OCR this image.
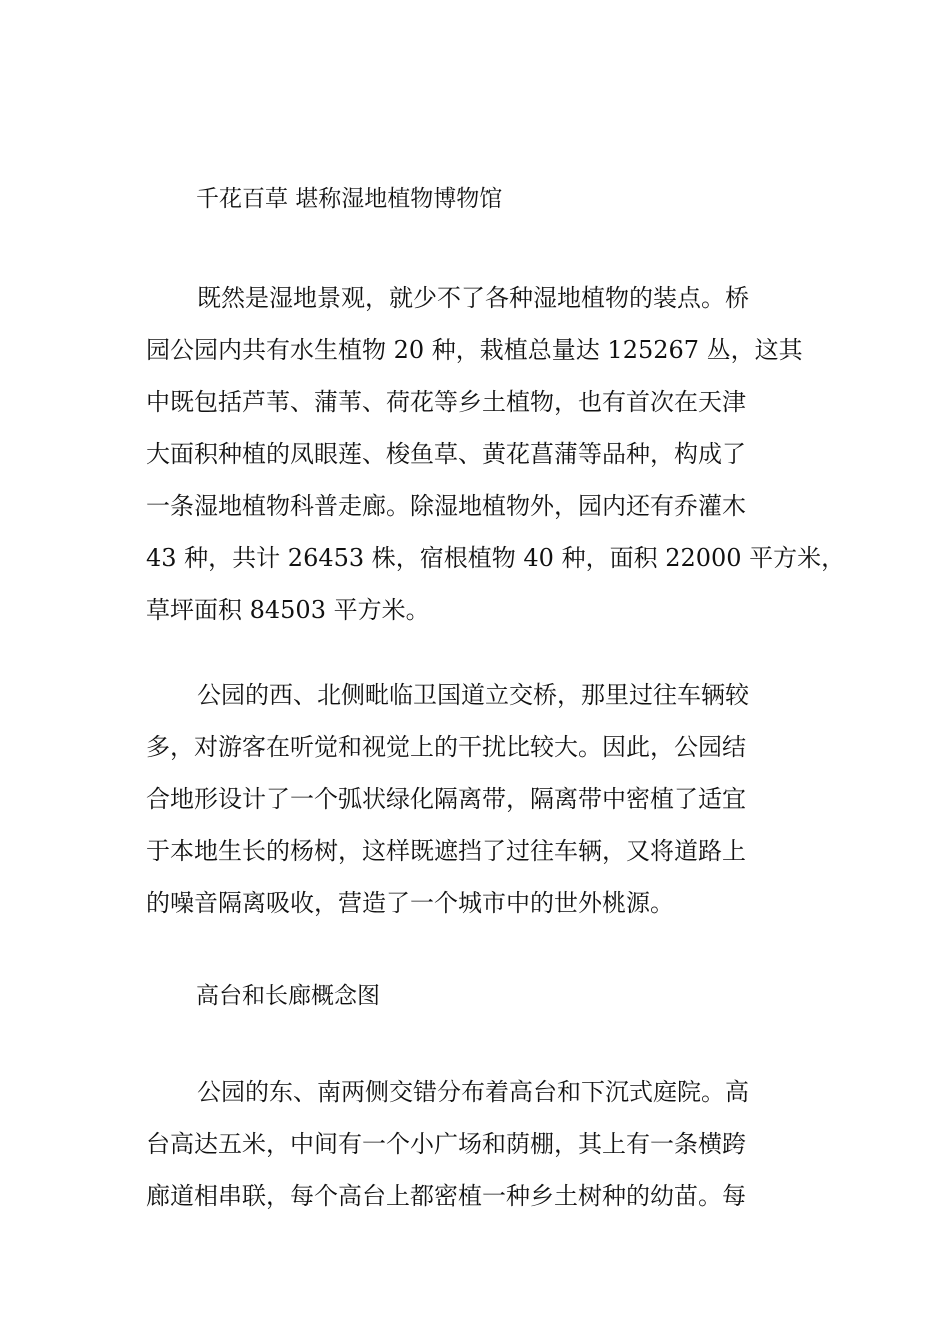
千花百草 堪称湿地植物博物馆
既然是湿地景观，就少不了各种湿地植物的装点。桥
园公园内共有水生植物 20 种，栽植总量达 125267 丛，这其
中既包括芦苇、蒲苇、荷花等乡土植物，也有首次在天津
大面积种植的凤眼莲、梭鱼草、黄花菖蒲等品种，构成了
一条湿地植物科普走廊。除湿地植物外，园内还有乔灌木
43 种，共计 26453 株，宿根植物 40 种，面积 22000 平方米，
草坪面积 84503 平方米。
公园的西、北侧毗临卫国道立交桥，那里过往车辆较
多，对游客在听觉和视觉上的干扰比较大。因此，公园结
合地形设计了一个弧状绿化隔离带，隔离带中密植了适宜
于本地生长的杨树，这样既遮挡了过往车辆，又将道路上
的噪音隔离吸收，营造了一个城市中的世外桃源。
高台和长廊概念图
公园的东、南两侧交错分布着高台和下沉式庭院。高
台高达五米，中间有一个小广场和荫棚，其上有一条横跨
廊道相串联，每个高台上都密植一种乡土树种的幼苗。每
